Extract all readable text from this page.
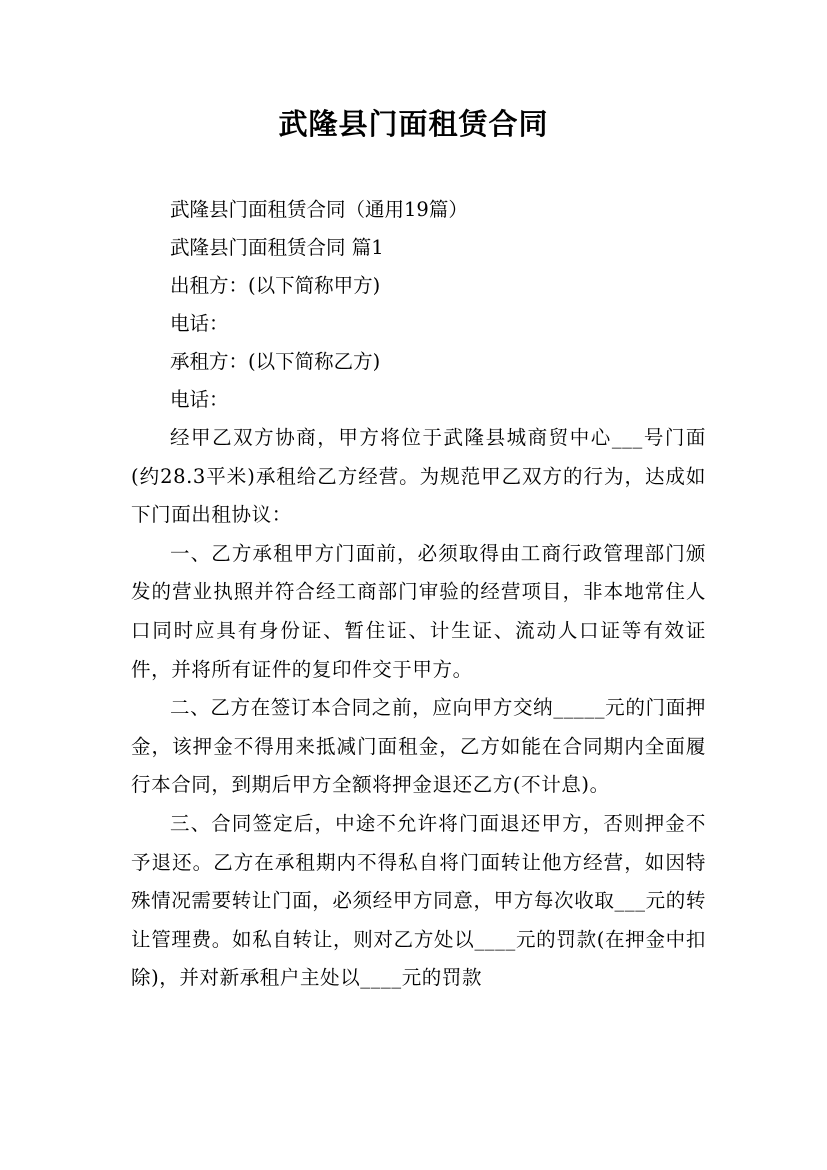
武隆县门面租赁合同
武隆县门面租赁合同（通用19篇）
武隆县门面租赁合同 篇1
出租方：(以下简称甲方)
电话：
承租方：(以下简称乙方)
电话：

经甲乙双方协商，甲方将位于武隆县城商贸中心___号门面(约28.3平米)承租给乙方经营。为规范甲乙双方的行为，达成如下门面出租协议：

一、乙方承租甲方门面前，必须取得由工商行政管理部门颁发的营业执照并符合经工商部门审验的经营项目，非本地常住人口同时应具有身份证、暂住证、计生证、流动人口证等有效证件，并将所有证件的复印件交于甲方。

二、乙方在签订本合同之前，应向甲方交纳_____元的门面押金，该押金不得用来抵减门面租金，乙方如能在合同期内全面履行本合同，到期后甲方全额将押金退还乙方(不计息)。

三、合同签定后，中途不允许将门面退还甲方，否则押金不予退还。乙方在承租期内不得私自将门面转让他方经营，如因特殊情况需要转让门面，必须经甲方同意，甲方每次收取___元的转让管理费。如私自转让，则对乙方处以____元的罚款(在押金中扣除)，并对新承租户主处以____元的罚款
